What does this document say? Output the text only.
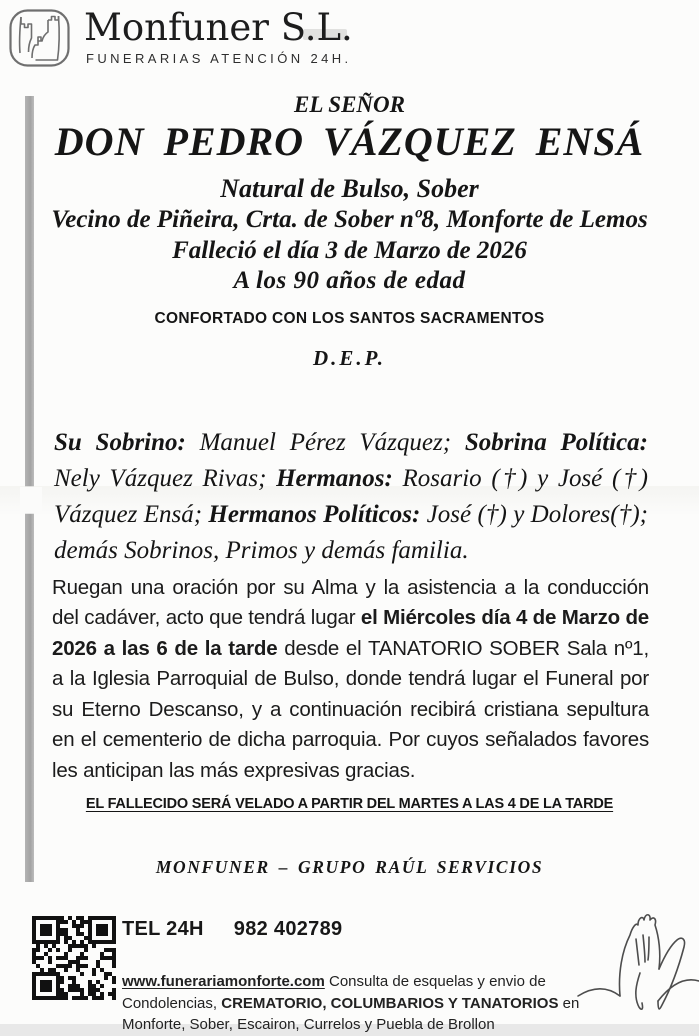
Monfuner S.L.
FUNERARIAS ATENCIÓN 24H.
EL SEÑOR
DON PEDRO VÁZQUEZ ENSÁ
Natural de Bulso, Sober
Vecino de Piñeira, Crta. de Sober nº8, Monforte de Lemos
Falleció el día 3 de Marzo de 2026
A los 90 años de edad
CONFORTADO CON LOS SANTOS SACRAMENTOS
D.E.P.

Su Sobrino: Manuel Pérez Vázquez; Sobrina Política: Nely Vázquez Rivas; Hermanos: Rosario (†) y José (†) Vázquez Ensá; Hermanos Políticos: José (†) y Dolores(†); demás Sobrinos, Primos y demás familia.

Ruegan una oración por su Alma y la asistencia a la conducción del cadáver, acto que tendrá lugar el Miércoles día 4 de Marzo de 2026 a las 6 de la tarde desde el TANATORIO SOBER Sala nº1, a la Iglesia Parroquial de Bulso, donde tendrá lugar el Funeral por su Eterno Descanso, y a continuación recibirá cristiana sepultura en el cementerio de dicha parroquia. Por cuyos señalados favores les anticipan las más expresivas gracias.

EL FALLECIDO SERÁ VELADO A PARTIR DEL MARTES A LAS 4 DE LA TARDE
MONFUNER – GRUPO RAÚL SERVICIOS
TEL 24H 982 402789

www.funerariamonforte.com Consulta de esquelas y envio de Condolencias, CREMATORIO, COLUMBARIOS Y TANATORIOS en Monforte, Sober, Escairon, Currelos y Puebla de Brollon
